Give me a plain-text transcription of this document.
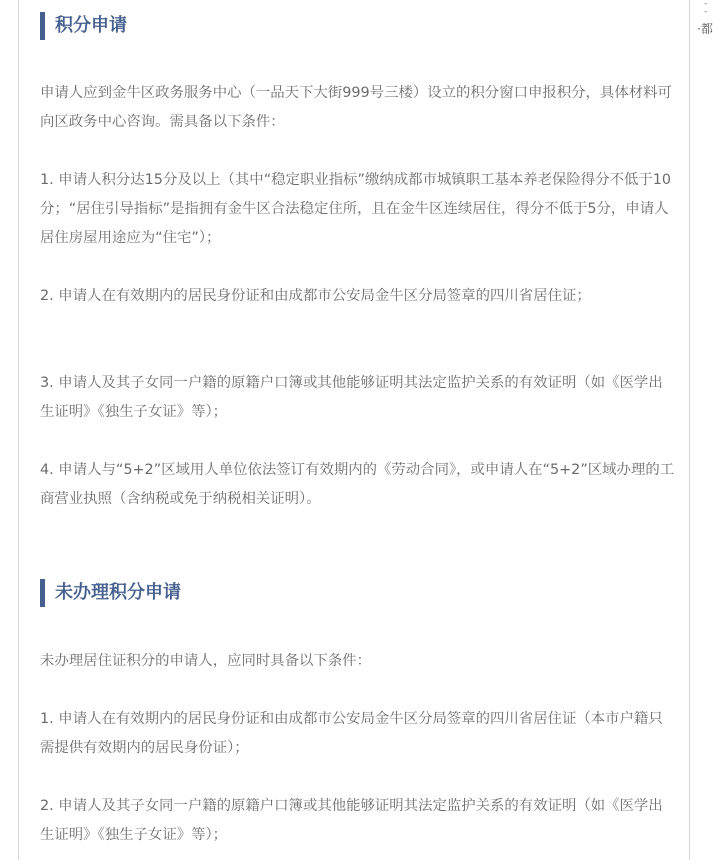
-
-
·都
积分申请

申请人应到金牛区政务服务中心（一品天下大街999号三楼）设立的积分窗口申报积分，具体材料可向区政务中心咨询。需具备以下条件：

1. 申请人积分达15分及以上（其中“稳定职业指标”缴纳成都市城镇职工基本养老保险得分不低于10 分；“居住引导指标”是指拥有金牛区合法稳定住所，且在金牛区连续居住，得分不低于5分，申请人居住房屋用途应为“住宅”）；

2. 申请人在有效期内的居民身份证和由成都市公安局金牛区分局签章的四川省居住证；

3. 申请人及其子女同一户籍的原籍户口簿或其他能够证明其法定监护关系的有效证明（如《医学出生证明》《独生子女证》等）；

4. 申请人与“5+2”区域用人单位依法签订有效期内的《劳动合同》，或申请人在“5+2”区域办理的工商营业执照（含纳税或免于纳税相关证明）。

未办理积分申请

未办理居住证积分的申请人，应同时具备以下条件：

1. 申请人在有效期内的居民身份证和由成都市公安局金牛区分局签章的四川省居住证（本市户籍只需提供有效期内的居民身份证）；

2. 申请人及其子女同一户籍的原籍户口簿或其他能够证明其法定监护关系的有效证明（如《医学出生证明》《独生子女证》等）；
